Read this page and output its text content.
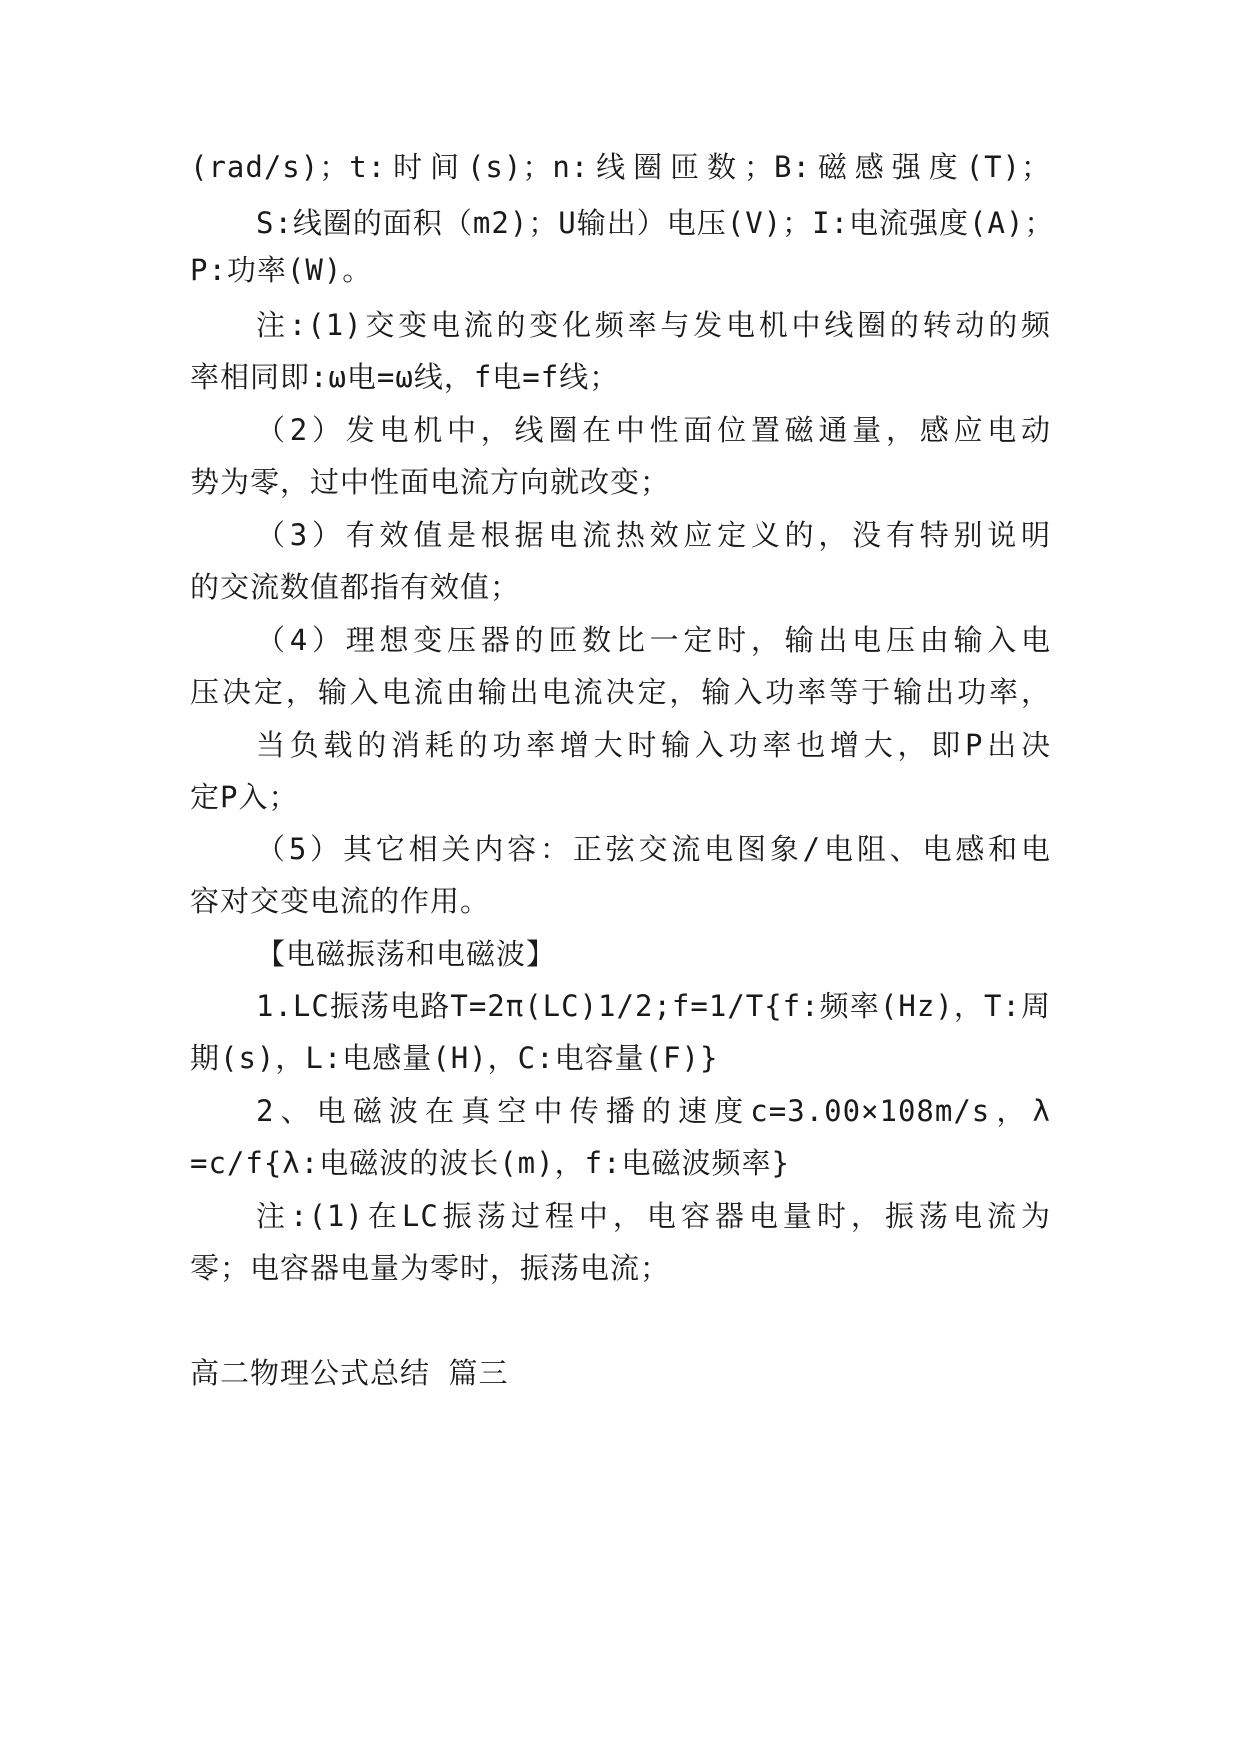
(rad/s)；t:时间(s)；n:线圈匝数；B:磁感强度(T)；
S:线圈的面积（m2)；U输出）电压(V)；I:电流强度(A)；
P:功率(W)。
注:(1)交变电流的变化频率与发电机中线圈的转动的频
率相同即:ω电=ω线，f电=f线；
（2）发电机中，线圈在中性面位置磁通量，感应电动
势为零，过中性面电流方向就改变；
（3）有效值是根据电流热效应定义的，没有特别说明
的交流数值都指有效值；
（4）理想变压器的匝数比一定时，输出电压由输入电
压决定，输入电流由输出电流决定，输入功率等于输出功率，
当负载的消耗的功率增大时输入功率也增大，即P出决
定P入；
（5）其它相关内容：正弦交流电图象/电阻、电感和电
容对交变电流的作用。
【电磁振荡和电磁波】
1.LC振荡电路T=2π(LC)1/2;f=1/T{f:频率(Hz)，T:周
期(s)，L:电感量(H)，C:电容量(F)}
2、电磁波在真空中传播的速度c=3.00×108m/s，λ
=c/f{λ:电磁波的波长(m)，f:电磁波频率}
注:(1)在LC振荡过程中，电容器电量时，振荡电流为
零；电容器电量为零时，振荡电流；
高二物理公式总结 篇三
